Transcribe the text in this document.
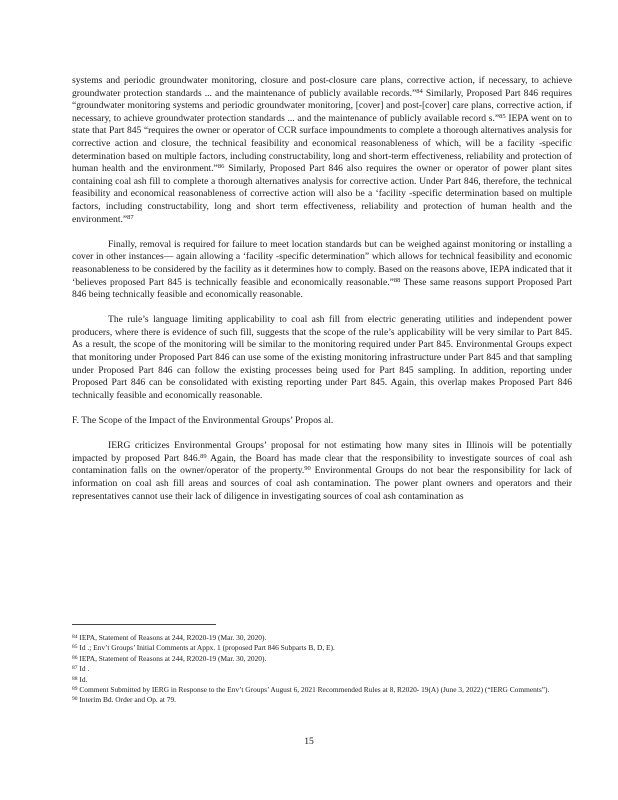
systems and periodic groundwater monitoring, closure and post-closure care plans, corrective action, if necessary, to achieve groundwater protection standards ... and the maintenance of publicly available records.”$^{84}$ Similarly, Proposed Part 846 requires “groundwater monitoring systems and periodic groundwater monitoring, [cover] and post-[cover] care plans, corrective action, if necessary, to achieve groundwater protection standards ... and the maintenance of publicly available record s.”$^{85}$ IEPA went on to state that Part 845 “requires the owner or operator of CCR surface impoundments to complete a thorough alternatives analysis for corrective action and closure, the technical feasibility and economical reasonableness of which, will be a facility -specific determination based on multiple factors, including constructability, long and short-term effectiveness, reliability and protection of human health and the environment.”$^{86}$ Similarly, Proposed Part 846 also requires the owner or operator of power plant sites containing coal ash fill to complete a thorough alternatives analysis for corrective action. Under Part 846, therefore, the technical feasibility and economical reasonableness of corrective action will also be a ‘facility -specific determination based on multiple factors, including constructability, long and short term effectiveness, reliability and protection of human health and the environment.”$^{87}$

Finally, removal is required for failure to meet location standards but can be weighed against monitoring or installing a cover in other instances— again allowing a ‘facility -specific determination” which allows for technical feasibility and economic reasonableness to be considered by the facility as it determines how to comply. Based on the reasons above, IEPA indicated that it ‘believes proposed Part 845 is technically feasible and economically reasonable.”$^{88}$ These same reasons support Proposed Part 846 being technically feasible and economically reasonable.

The rule’s language limiting applicability to coal ash fill from electric generating utilities and independent power producers, where there is evidence of such fill, suggests that the scope of the rule’s applicability will be very similar to Part 845. As a result, the scope of the monitoring will be similar to the monitoring required under Part 845. Environmental Groups expect that monitoring under Proposed Part 846 can use some of the existing monitoring infrastructure under Part 845 and that sampling under Proposed Part 846 can follow the existing processes being used for Part 845 sampling. In addition, reporting under Proposed Part 846 can be consolidated with existing reporting under Part 845. Again, this overlap makes Proposed Part 846 technically feasible and economically reasonable.

F. The Scope of the Impact of the Environmental Groups’ Propos al.

IERG criticizes Environmental Groups’ proposal for not estimating how many sites in Illinois will be potentially impacted by proposed Part 846.89 Again, the Board has made clear that the responsibility to investigate sources of coal ash contamination falls on the owner/operator of the property.$^{90}$ Environmental Groups do not bear the responsibility for lack of information on coal ash fill areas and sources of coal ash contamination. The power plant owners and operators and their representatives cannot use their lack of diligence in investigating sources of coal ash contamination as

$^{84}$ IEPA, Statement of Reasons at 244, R2020-19 (Mar. 30, 2020).

$^{85}$ Id .; Env’t Groups’ Initial Comments at Appx. 1 (proposed Part 846 Subparts B, D, E).

$^{86}$ IEPA, Statement of Reasons at 244, R2020-19 (Mar. 30, 2020).

$^{87}$ Id .

$^{88}$ Id.

$^{89}$ Comment Submitted by IERG in Response to the Env’t Groups’ August 6, 2021 Recommended Rules at 8, R2020- 19(A) (June 3, 2022) (“IERG Comments”).

$^{90}$ Interim Bd. Order and Op. at 79.

15
